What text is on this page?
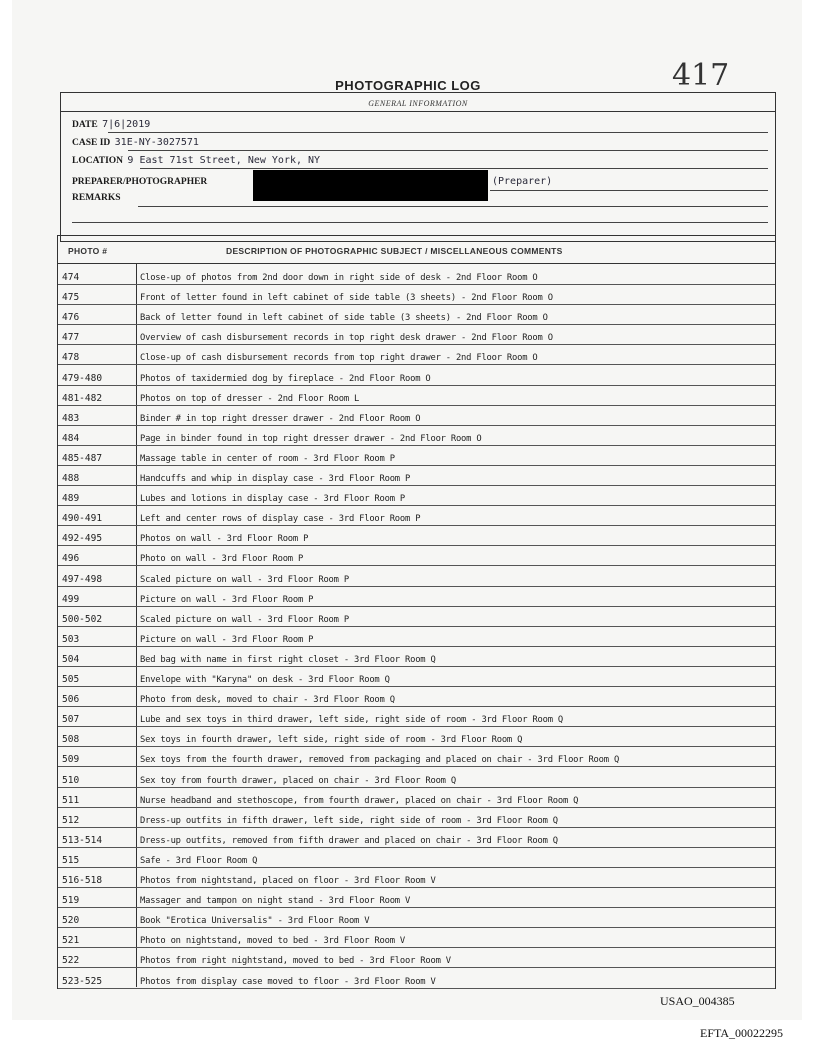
PHOTOGRAPHIC LOG	417
GENERAL INFORMATION
DATE 7|6|2019
CASE ID 31E-NY-3027571
LOCATION 9 East 71st Street, New York, NY
PREPARER/PHOTOGRAPHER	(Preparer)
REMARKS
PHOTO #	DESCRIPTION OF PHOTOGRAPHIC SUBJECT / MISCELLANEOUS COMMENTS
474	Close-up of photos from 2nd door down in right side of desk - 2nd Floor Room O
475	Front of letter found in left cabinet of side table (3 sheets) - 2nd Floor Room O
476	Back of letter found in left cabinet of side table (3 sheets) - 2nd Floor Room O
477	Overview of cash disbursement records in top right desk drawer - 2nd Floor Room O
478	Close-up of cash disbursement records from top right drawer - 2nd Floor Room O
479-480	Photos of taxidermied dog by fireplace - 2nd Floor Room O
481-482	Photos on top of dresser - 2nd Floor Room L
483	Binder # in top right dresser drawer - 2nd Floor Room O
484	Page in binder found in top right dresser drawer - 2nd Floor Room O
485-487	Massage table in center of room - 3rd Floor Room P
488	Handcuffs and whip in display case - 3rd Floor Room P
489	Lubes and lotions in display case - 3rd Floor Room P
490-491	Left and center rows of display case - 3rd Floor Room P
492-495	Photos on wall - 3rd Floor Room P
496	Photo on wall - 3rd Floor Room P
497-498	Scaled picture on wall - 3rd Floor Room P
499	Picture on wall - 3rd Floor Room P
500-502	Scaled picture on wall - 3rd Floor Room P
503	Picture on wall - 3rd Floor Room P
504	Bed bag with name in first right closet - 3rd Floor Room Q
505	Envelope with "Karyna" on desk - 3rd Floor Room Q
506	Photo from desk, moved to chair - 3rd Floor Room Q
507	Lube and sex toys in third drawer, left side, right side of room - 3rd Floor Room Q
508	Sex toys in fourth drawer, left side, right side of room - 3rd Floor Room Q
509	Sex toys from the fourth drawer, removed from packaging and placed on chair - 3rd Floor Room Q
510	Sex toy from fourth drawer, placed on chair - 3rd Floor Room Q
511	Nurse headband and stethoscope, from fourth drawer, placed on chair - 3rd Floor Room Q
512	Dress-up outfits in fifth drawer, left side, right side of room - 3rd Floor Room Q
513-514	Dress-up outfits, removed from fifth drawer and placed on chair - 3rd Floor Room Q
515	Safe - 3rd Floor Room Q
516-518	Photos from nightstand, placed on floor - 3rd Floor Room V
519	Massager and tampon on night stand - 3rd Floor Room V
520	Book "Erotica Universalis" - 3rd Floor Room V
521	Photo on nightstand, moved to bed - 3rd Floor Room V
522	Photos from right nightstand, moved to bed - 3rd Floor Room V
523-525	Photos from display case moved to floor - 3rd Floor Room V
USAO_004385
EFTA_00022295
